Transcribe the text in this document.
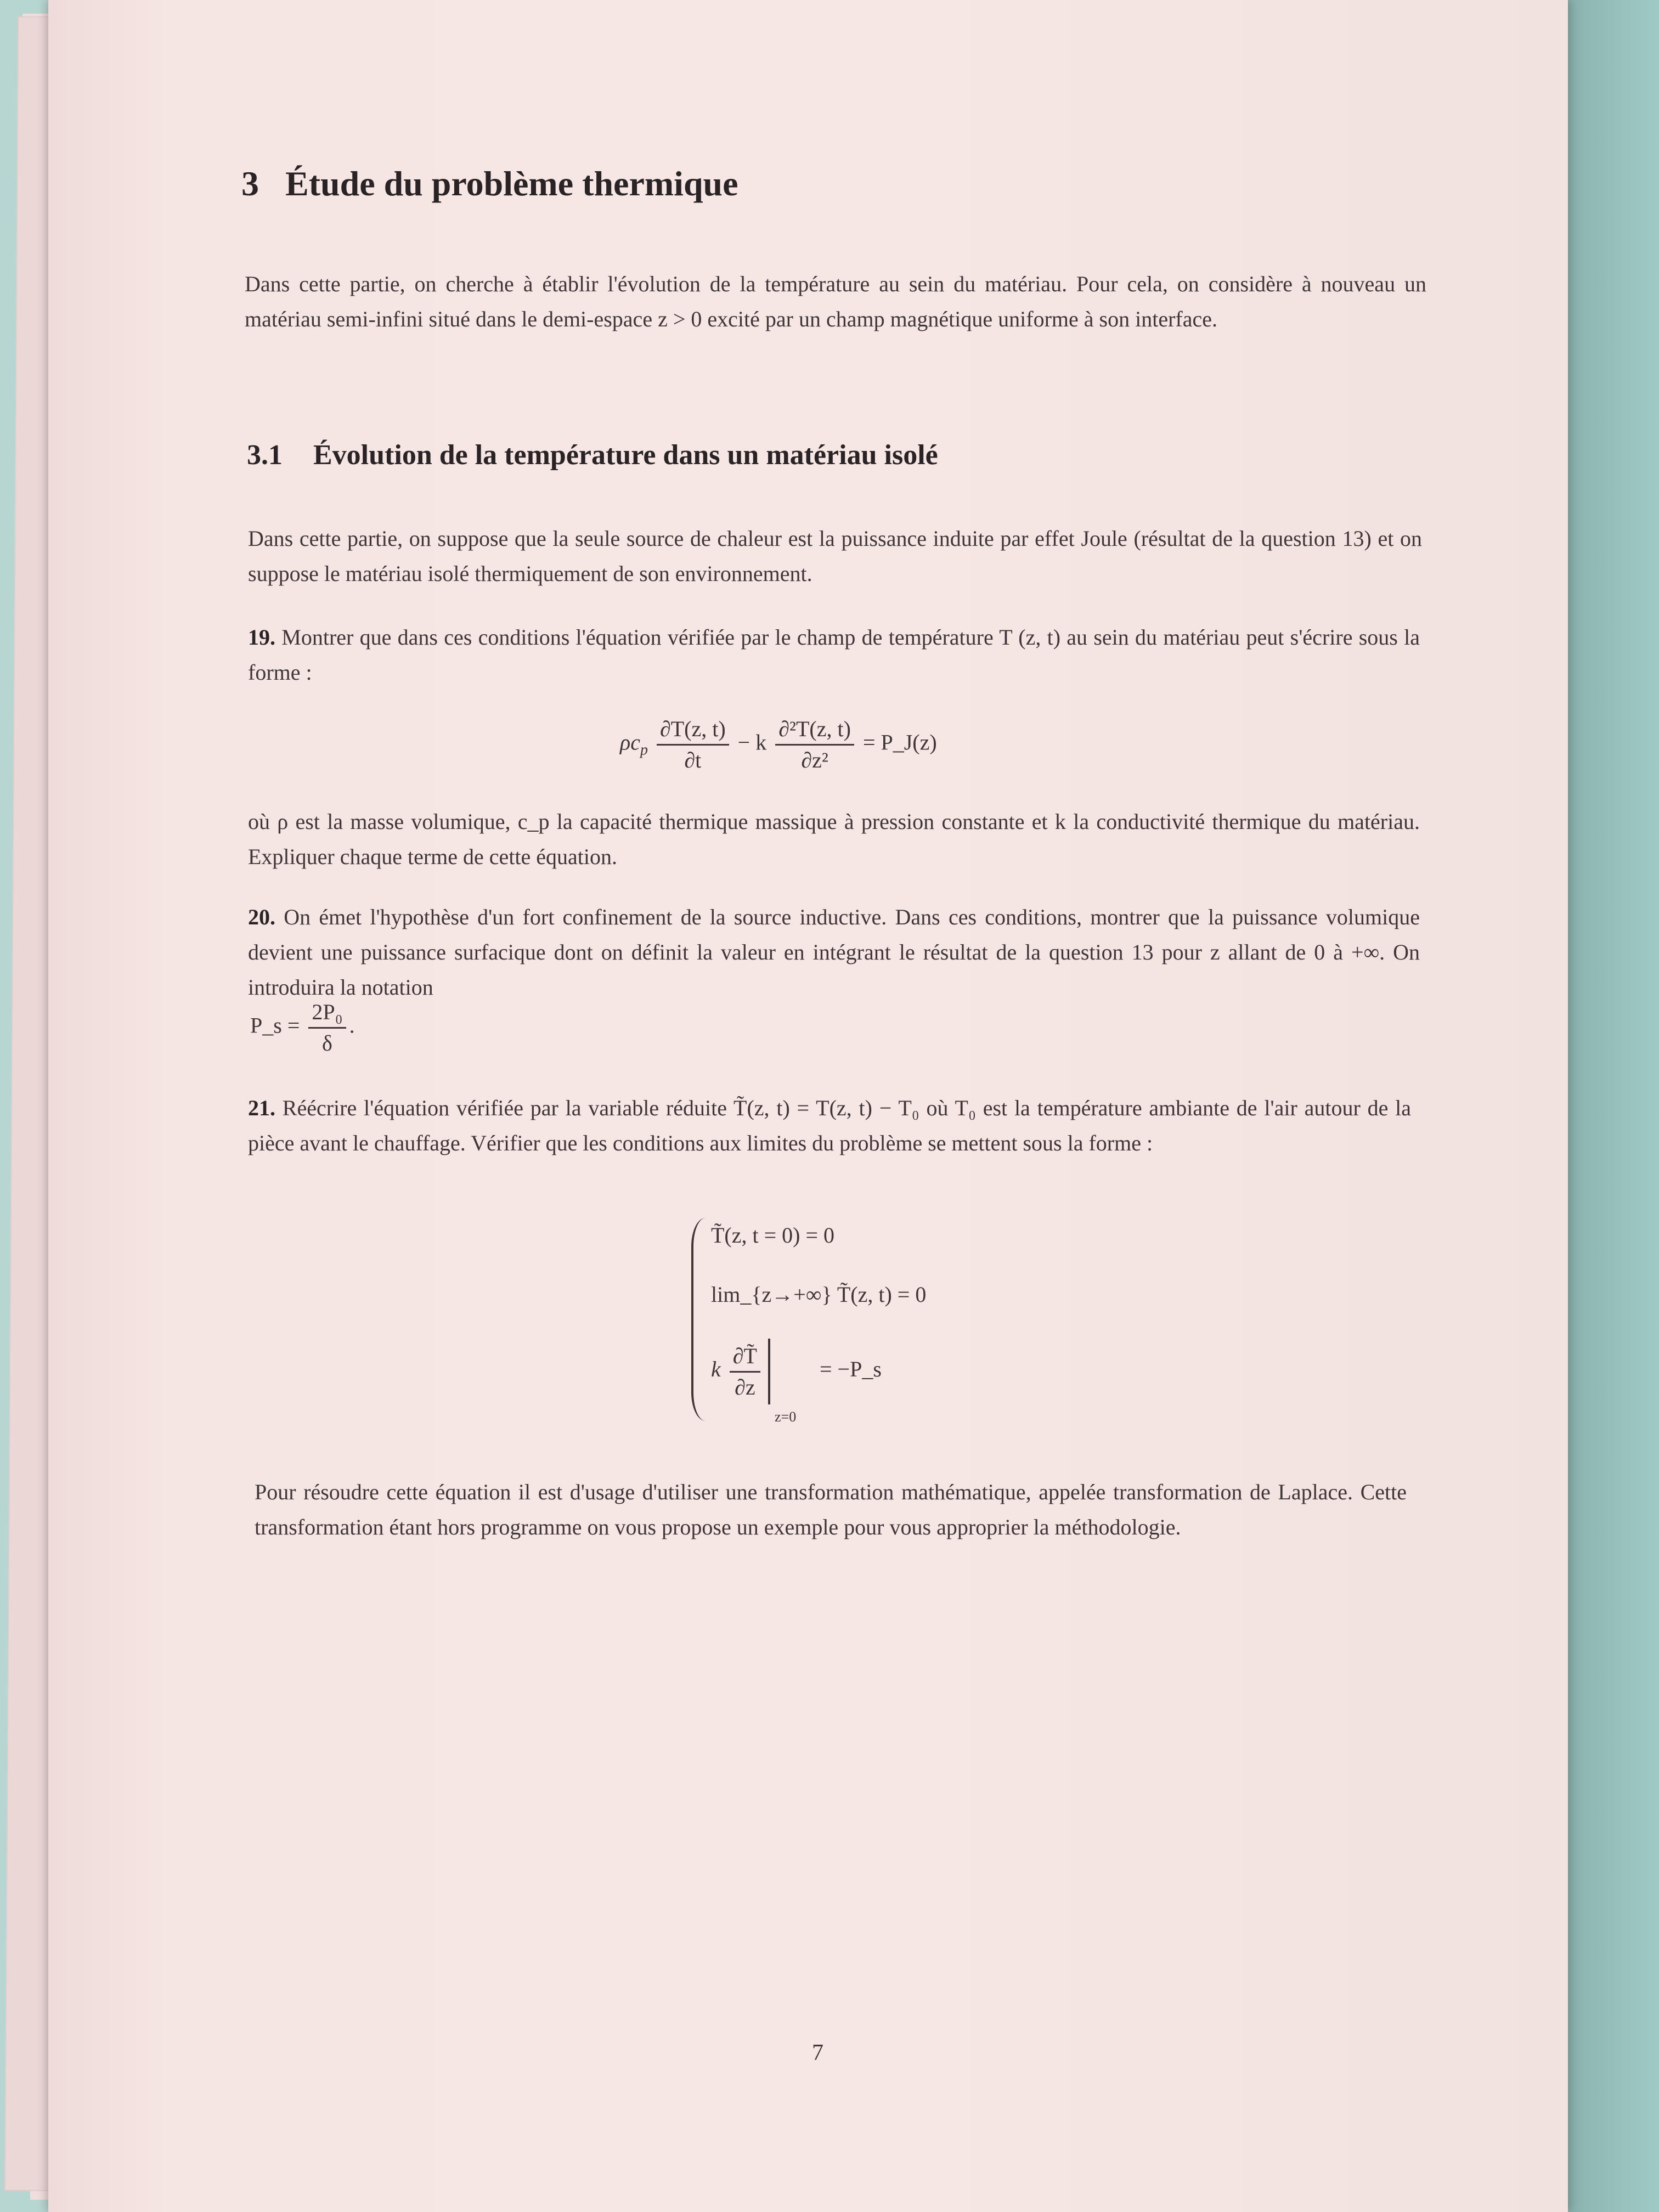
3 Étude du problème thermique
Dans cette partie, on cherche à établir l'évolution de la température au sein du matériau. Pour cela, on considère à nouveau un matériau semi-infini situé dans le demi-espace z > 0 excité par un champ magnétique uniforme à son interface.
3.1 Évolution de la température dans un matériau isolé
Dans cette partie, on suppose que la seule source de chaleur est la puissance induite par effet Joule (résultat de la question 13) et on suppose le matériau isolé thermiquement de son environnement.
19. Montrer que dans ces conditions l'équation vérifiée par le champ de température T (z, t) au sein du matériau peut s'écrire sous la forme :
$\rho c_p \frac{\partial T(z, t)}{\partial t} - k \frac{\text{∂²T(z, t)}}{\text{∂z²}}$ = P_J(z)
où ρ est la masse volumique, c_p la capacité thermique massique à pression constante et k la conductivité thermique du matériau. Expliquer chaque terme de cette équation.
20. On émet l'hypothèse d'un fort confinement de la source inductive. Dans ces conditions, montrer que la puissance volumique devient une puissance surfacique dont on définit la valeur en intégrant le résultat de la question 13 pour z allant de 0 à +∞. On introduira la notation
P_s = $\frac{\text{2P₀}}{\delta}$ .
21. Réécrire l'équation vérifiée par la variable réduite T̃(z, t) = T(z, t) − T₀ où T₀ est la température ambiante de l'air autour de la pièce avant le chauffage. Vérifier que les conditions aux limites du problème se mettent sous la forme :
T̃(z, t = 0) = 0
lim_{z→+∞} T̃(z, t) = 0
k $\frac{\partial T̃}{\partial z}$	= −P_s
z=0
Pour résoudre cette équation il est d'usage d'utiliser une transformation mathématique, appelée transformation de Laplace. Cette transformation étant hors programme on vous propose un exemple pour vous approprier la méthodologie.
7
